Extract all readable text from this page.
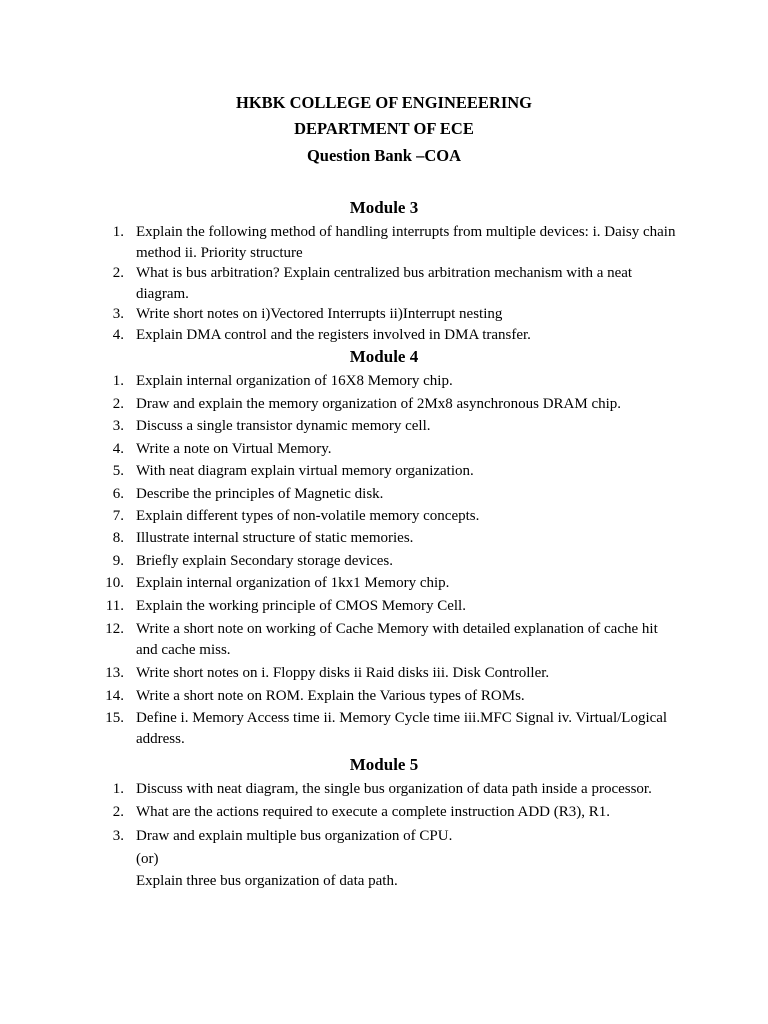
HKBK COLLEGE OF ENGINEEERING
DEPARTMENT OF ECE
Question Bank –COA
Module 3
1. Explain the following method of handling interrupts from multiple devices: i. Daisy chain
method ii. Priority structure
2. What is bus arbitration? Explain centralized bus arbitration mechanism with a neat
diagram.
3. Write short notes on i)Vectored Interrupts ii)Interrupt nesting
4. Explain DMA control and the registers involved in DMA transfer.
Module 4
1. Explain internal organization of 16X8 Memory chip.
2. Draw and explain the memory organization of 2Mx8 asynchronous DRAM chip.
3. Discuss a single transistor dynamic memory cell.
4. Write a note on Virtual Memory.
5. With neat diagram explain virtual memory organization.
6. Describe the principles of Magnetic disk.
7. Explain different types of non-volatile memory concepts.
8. Illustrate internal structure of static memories.
9. Briefly explain Secondary storage devices.
10. Explain internal organization of 1kx1 Memory chip.
11. Explain the working principle of CMOS Memory Cell.
12. Write a short note on working of Cache Memory with detailed explanation of cache hit
and cache miss.
13. Write short notes on i. Floppy disks ii Raid disks iii. Disk Controller.
14. Write a short note on ROM. Explain the Various types of ROMs.
15. Define i. Memory Access time ii. Memory Cycle time iii.MFC Signal iv. Virtual/Logical
address.
Module 5
1. Discuss with neat diagram, the single bus organization of data path inside a processor.
2. What are the actions required to execute a complete instruction ADD (R3), R1.
3. Draw and explain multiple bus organization of CPU.
(or)
Explain three bus organization of data path.
